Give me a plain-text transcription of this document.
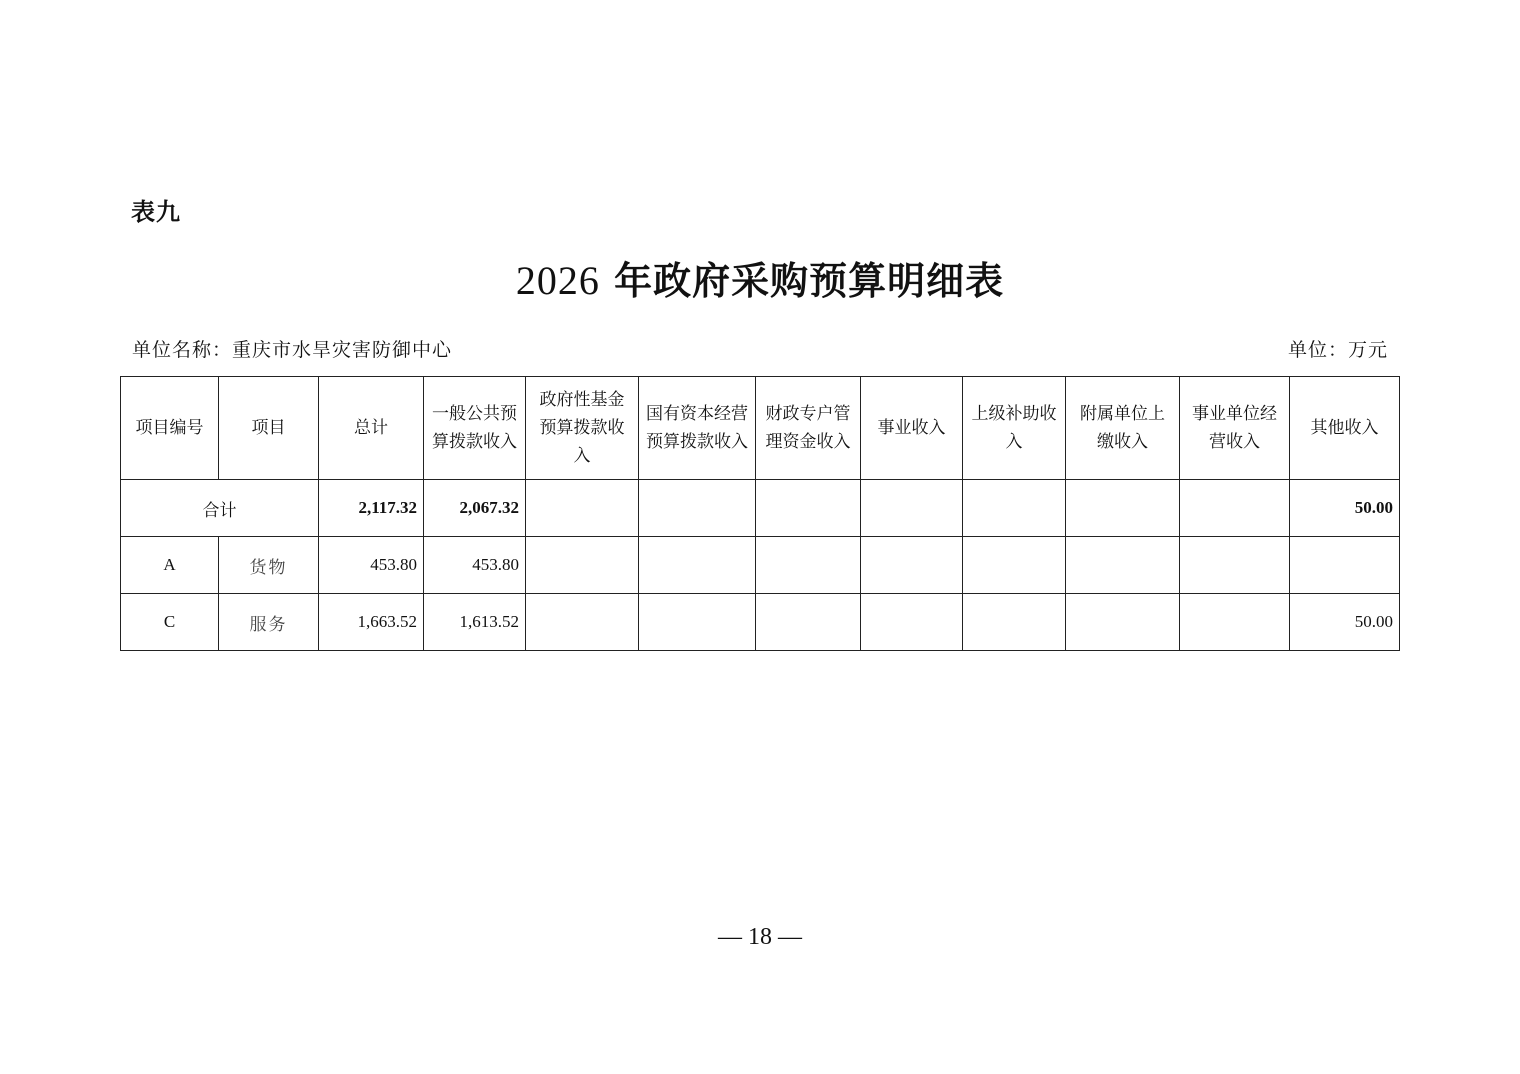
表九
2026 年政府采购预算明细表
单位名称：重庆市水旱灾害防御中心	单位：万元
项目编号	项目	总计	一般公共预算拨款收入	政府性基金预算拨款收入	国有资本经营预算拨款收入	财政专户管理资金收入	事业收入	上级补助收入	附属单位上缴收入	事业单位经营收入	其他收入
合计		2,117.32	2,067.32								50.00
A	货物	453.80	453.80								
C	服务	1,663.52	1,613.52								50.00
— 18 —
